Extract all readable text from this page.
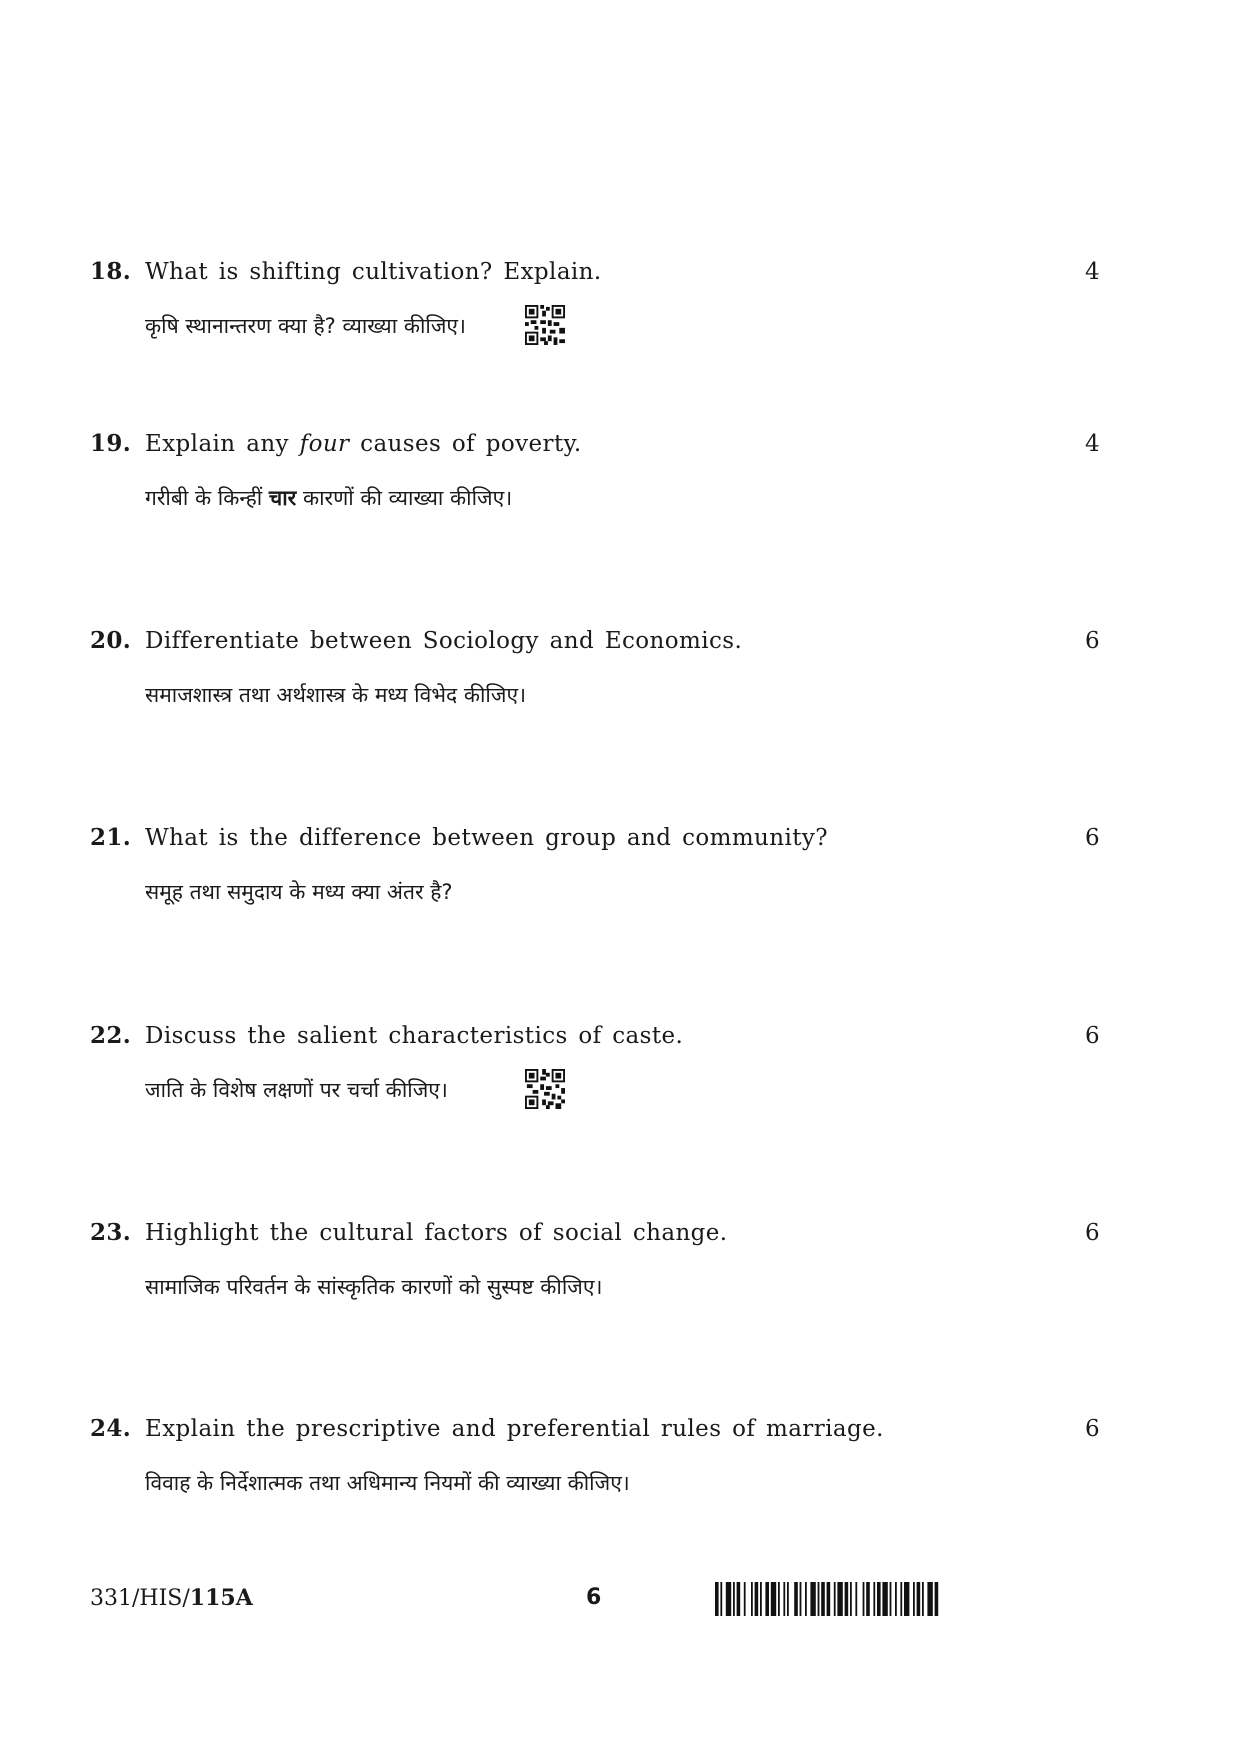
18. What is shifting cultivation? Explain.	4
कृषि स्थानान्तरण क्या है? व्याख्या कीजिए।
19. Explain any four causes of poverty.	4
गरीबी के किन्हीं चार कारणों की व्याख्या कीजिए।
20. Differentiate between Sociology and Economics.	6
समाजशास्त्र तथा अर्थशास्त्र के मध्य विभेद कीजिए।
21. What is the difference between group and community?	6
समूह तथा समुदाय के मध्य क्या अंतर है?
22. Discuss the salient characteristics of caste.	6
जाति के विशेष लक्षणों पर चर्चा कीजिए।
23. Highlight the cultural factors of social change.	6
सामाजिक परिवर्तन के सांस्कृतिक कारणों को सुस्पष्ट कीजिए।
24. Explain the prescriptive and preferential rules of marriage.	6
विवाह के निर्देशात्मक तथा अधिमान्य नियमों की व्याख्या कीजिए।
331/HIS/115A	6
